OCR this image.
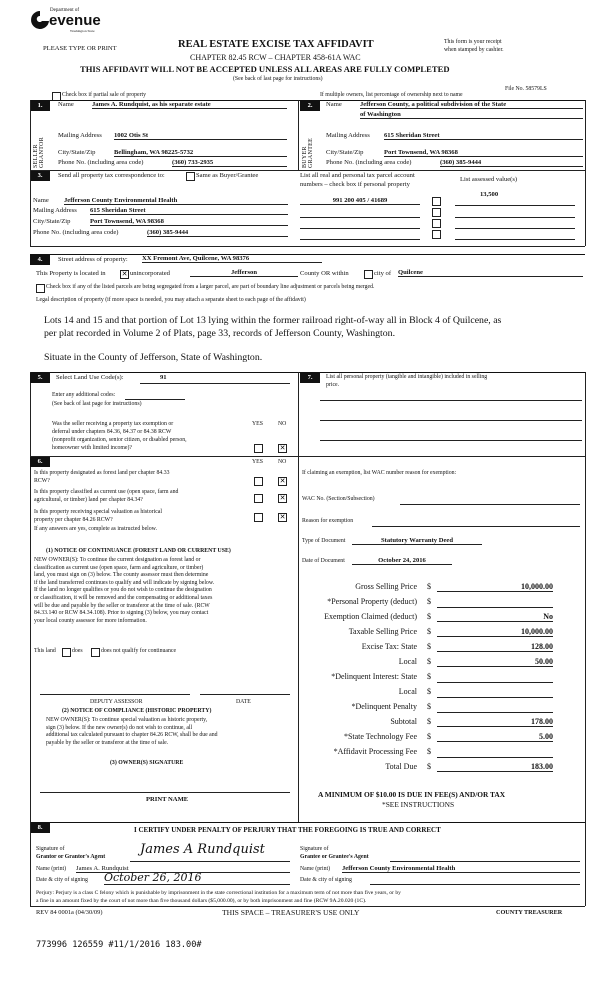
Department of
evenue
Washington State
PLEASE TYPE OR PRINT	REAL ESTATE EXCISE TAX AFFIDAVIT
CHAPTER 82.45 RCW – CHAPTER 458-61A WAC
THIS AFFIDAVIT WILL NOT BE ACCEPTED UNLESS ALL AREAS ARE FULLY COMPLETED
(See back of last page for instructions)
This form is your receipt
when stamped by cashier.
File No. 58579LS
Check box if partial sale of property	If multiple owners, list percentage of ownership next to name
1.	Name	James A. Rundquist, as his separate estate
SELLER GRANTOR
Mailing Address 1002 Otis St
City/State/Zip	Bellingham, WA 98225-5732
Phone No. (including area code)	(360) 733-2935
2.	Name	Jefferson County, a political subdivision of the State
of Washington
BUYER GRANTEE
Mailing Address 615 Sheridan Street
City/State/Zip	Port Townsend, WA 98368
Phone No. (including area code)	(360) 385-9444
3.	Send all property tax correspondence to:	Same as Buyer/Grantee	List all real and personal tax parcel account
numbers – check box if personal property
List assessed value(s)
Name Jefferson County Environmental Health
Mailing Address 615 Sheridan Street
City/State/Zip	Port Townsend, WA 98368
Phone No. (including area code)	(360) 385-9444
991 200 405 / 41689
13,500
4.	Street address of property: XX Fremont Ave, Quilcene, WA 98376
This Property is located in ✕ unincorporated	Jefferson	County OR within	city of Quilcene
Check box if any of the listed parcels are being segregated from a larger parcel, are part of boundary line adjustment or parcels being merged.
Legal description of property (if more space is needed, you may attach a separate sheet to each page of the affidavit)
Lots 14 and 15 and that portion of Lot 13 lying within the former railroad right-of-way all in Block 4 of Quilcene, as
per plat recorded in Volume 2 of Plats, page 33, records of Jefferson County, Washington.
Situate in the County of Jefferson, State of Washington.
5.	Select Land Use Code(s):	91
Enter any additional codes:
(See back of last page for instructions)
YES	NO
Was the seller receiving a property tax exemption or
deferral under chapters 84.36, 84.37 or 84.38 RCW
(nonprofit organization, senior citizen, or disabled person,
homeowner with limited income)?	✕
6.	YES	NO
Is this property designated as forest land per chapter 84.33
RCW?	✕
Is this property classified as current use (open space, farm and
agricultural, or timber) land per chapter 84.34?	✕
Is this property receiving special valuation as historical
property per chapter 84.26 RCW?	✕
If any answers are yes, complete as instructed below.
(1) NOTICE OF CONTINUANCE (FOREST LAND OR CURRENT USE)
NEW OWNER(S): To continue the current designation as forest land or
classification as current use (open space, farm and agriculture, or timber)
land, you must sign on (3) below. The county assessor must then determine
if the land transferred continues to qualify and will indicate by signing below.
If the land no longer qualifies or you do not wish to continue the designation
or classification, it will be removed and the compensating or additional taxes
will be due and payable by the seller or transferor at the time of sale. (RCW
84.33.140 or RCW 84.34.108). Prior to signing (3) below, you may contact
your local county assessor for more information.
This land	does	does not qualify for continuance
DEPUTY ASSESSOR	DATE
(2) NOTICE OF COMPLIANCE (HISTORIC PROPERTY)
NEW OWNER(S): To continue special valuation as historic property,
sign (3) below. If the new owner(s) do not wish to continue, all
additional tax calculated pursuant to chapter 84.26 RCW, shall be due and
payable by the seller or transferor at the time of sale.
(3) OWNER(S) SIGNATURE
PRINT NAME
7.	List all personal property (tangible and intangible) included in selling
price.
If claiming an exemption, list WAC number reason for exemption:
WAC No. (Section/Subsection)
Reason for exemption
Type of Document	Statutory Warranty Deed
Date of Document	October 24, 2016
Gross Selling Price $	10,000.00
*Personal Property (deduct) $
Exemption Claimed (deduct) $	No
Taxable Selling Price $	10,000.00
Excise Tax: State $	128.00
Local $	50.00
*Delinquent Interest: State $
Local $
*Delinquent Penalty $
Subtotal $	178.00
*State Technology Fee $	5.00
*Affidavit Processing Fee $
Total Due $	183.00
A MINIMUM OF $10.00 IS DUE IN FEE(S) AND/OR TAX
*SEE INSTRUCTIONS
8.	I CERTIFY UNDER PENALTY OF PERJURY THAT THE FOREGOING IS TRUE AND CORRECT
Signature of
Grantor or Grantor's Agent	James A Rundquist
Name (print) James A. Rundquist
Date & city of signing October 26, 2016
Signature of
Grantee or Grantee's Agent
Name (print) Jefferson County Environmental Health
Date & city of signing
Perjury: Perjury is a class C felony which is punishable by imprisonment in the state correctional institution for a maximum term of not more than five years, or by
a fine in an amount fixed by the court of not more than five thousand dollars ($5,000.00), or by both imprisonment and fine (RCW 9A.20.020 (1C).
REV 84 0001a (04/30/09)	THIS SPACE – TREASURER'S USE ONLY	COUNTY TREASURER
773996 126559 #11/1/2016 183.00#
